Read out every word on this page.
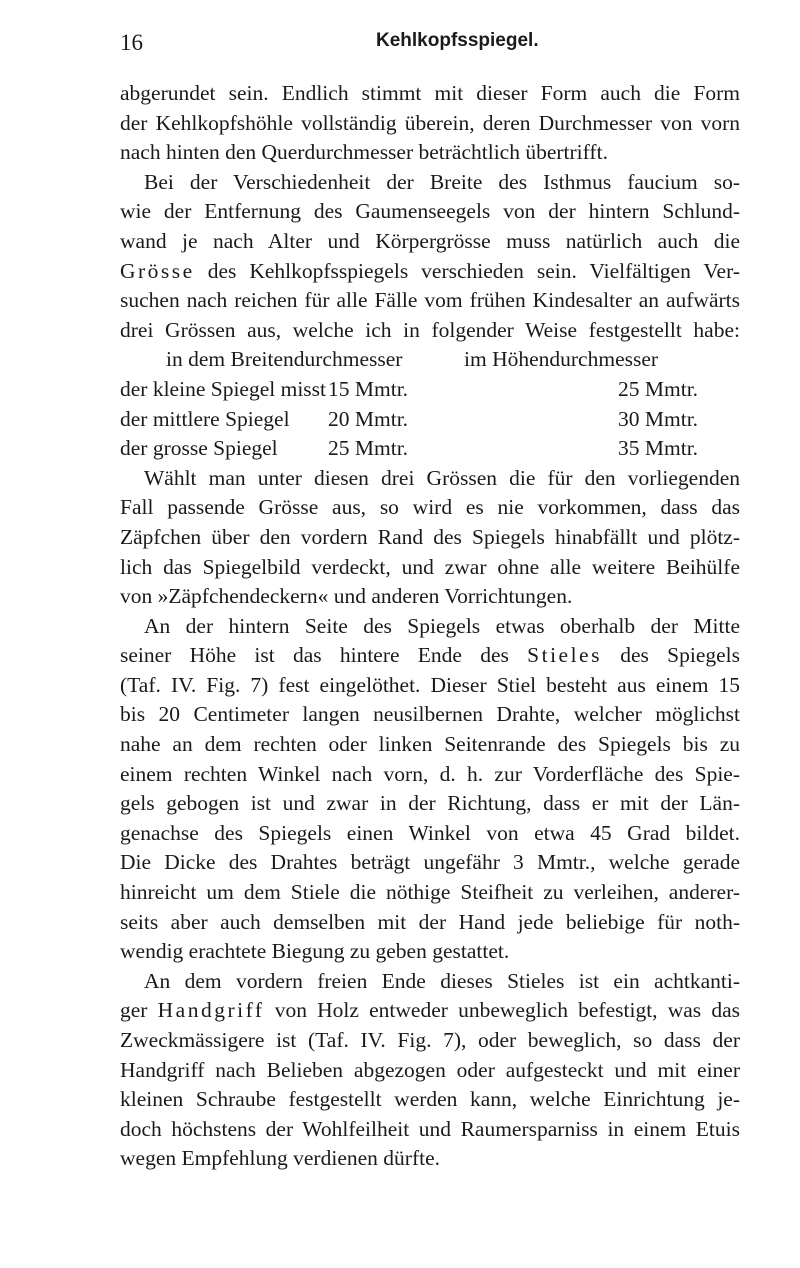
16	Kehlkopfsspiegel.
abgerundet sein. Endlich stimmt mit dieser Form auch die Form
der Kehlkopfshöhle vollständig überein, deren Durchmesser von vorn
nach hinten den Querdurchmesser beträchtlich übertrifft.
Bei der Verschiedenheit der Breite des Isthmus faucium so-
wie der Entfernung des Gaumenseegels von der hintern Schlund-
wand je nach Alter und Körpergrösse muss natürlich auch die
Grösse des Kehlkopfsspiegels verschieden sein. Vielfältigen Ver-
suchen nach reichen für alle Fälle vom frühen Kindesalter an aufwärts
drei Grössen aus, welche ich in folgender Weise festgestellt habe:
in dem Breitendurchmesser	im Höhendurchmesser
der kleine Spiegel misst 15 Mmtr.	25 Mmtr.
der mittlere Spiegel 20 Mmtr.	30 Mmtr.
der grosse Spiegel 25 Mmtr.	35 Mmtr.
Wählt man unter diesen drei Grössen die für den vorliegenden
Fall passende Grösse aus, so wird es nie vorkommen, dass das
Zäpfchen über den vordern Rand des Spiegels hinabfällt und plötz-
lich das Spiegelbild verdeckt, und zwar ohne alle weitere Beihülfe
von »Zäpfchendeckern« und anderen Vorrichtungen.
An der hintern Seite des Spiegels etwas oberhalb der Mitte
seiner Höhe ist das hintere Ende des Stieles des Spiegels
(Taf. IV. Fig. 7) fest eingelöthet. Dieser Stiel besteht aus einem 15
bis 20 Centimeter langen neusilbernen Drahte, welcher möglichst
nahe an dem rechten oder linken Seitenrande des Spiegels bis zu
einem rechten Winkel nach vorn, d. h. zur Vorderfläche des Spie-
gels gebogen ist und zwar in der Richtung, dass er mit der Län-
genachse des Spiegels einen Winkel von etwa 45 Grad bildet.
Die Dicke des Drahtes beträgt ungefähr 3 Mmtr., welche gerade
hinreicht um dem Stiele die nöthige Steifheit zu verleihen, anderer-
seits aber auch demselben mit der Hand jede beliebige für noth-
wendig erachtete Biegung zu geben gestattet.
An dem vordern freien Ende dieses Stieles ist ein achtkanti-
ger Handgriff von Holz entweder unbeweglich befestigt, was das
Zweckmässigere ist (Taf. IV. Fig. 7), oder beweglich, so dass der
Handgriff nach Belieben abgezogen oder aufgesteckt und mit einer
kleinen Schraube festgestellt werden kann, welche Einrichtung je-
doch höchstens der Wohlfeilheit und Raumersparniss in einem Etuis
wegen Empfehlung verdienen dürfte.
